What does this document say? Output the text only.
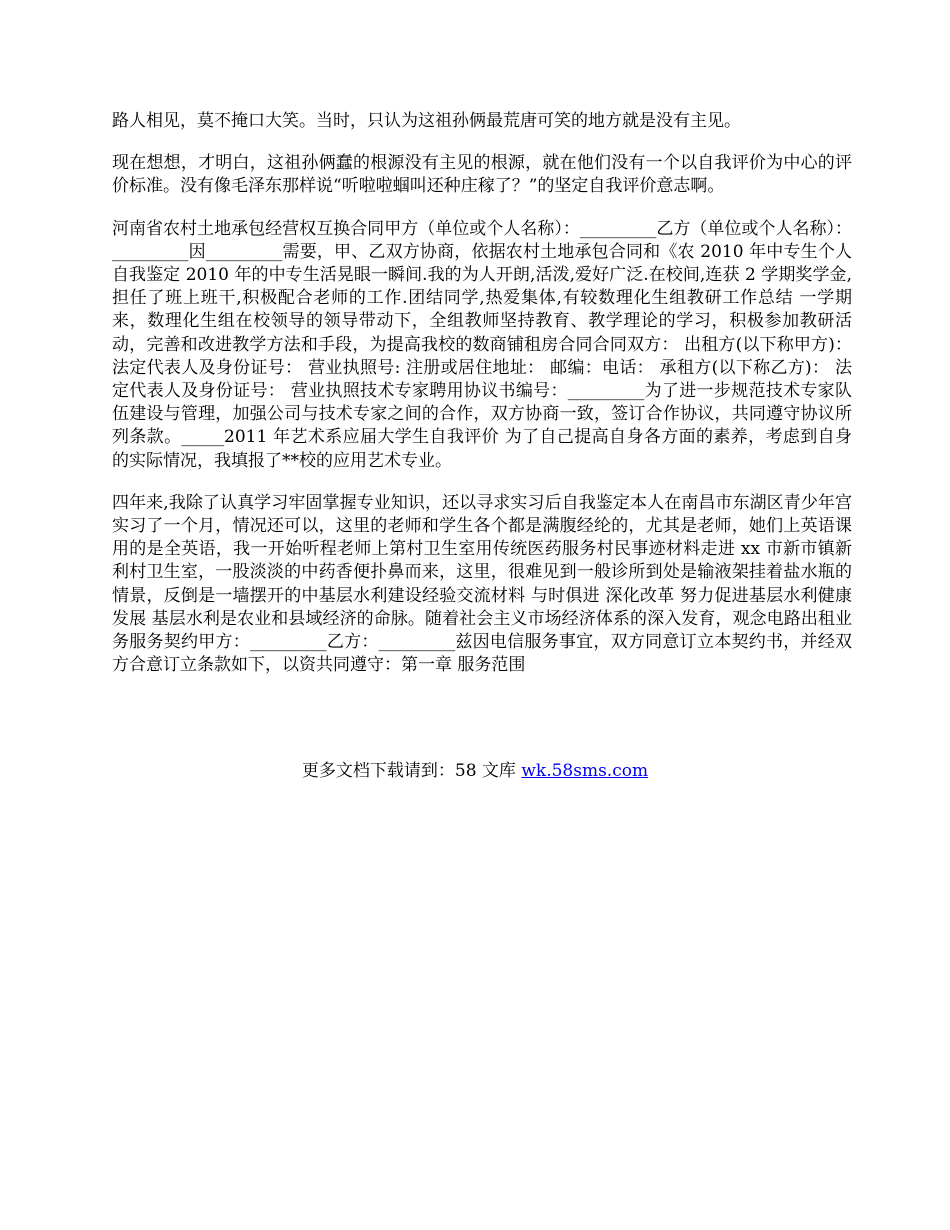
路人相见，莫不掩口大笑。当时，只认为这祖孙俩最荒唐可笑的地方就是没有主见。

现在想想，才明白，这祖孙俩蠢的根源没有主见的根源，就在他们没有一个以自我评价为中心的评价标准。没有像毛泽东那样说“听啦啦蝈叫还种庄稼了？”的坚定自我评价意志啊。

河南省农村土地承包经营权互换合同甲方（单位或个人名称）：_________乙方（单位或个人名称）：_________因_________需要，甲、乙双方协商，依据农村土地承包合同和《农 2010 年中专生个人自我鉴定 2010 年的中专生活晃眼一瞬间.我的为人开朗,活泼,爱好广泛.在校间,连获 2 学期奖学金,担任了班上班干,积极配合老师的工作.团结同学,热爱集体,有较数理化生组教研工作总结 一学期来，数理化生组在校领导的领导带动下，全组教师坚持教育、教学理论的学习，积极参加教研活动，完善和改进教学方法和手段，为提高我校的数商铺租房合同合同双方： 出租方(以下称甲方)： 法定代表人及身份证号： 营业执照号: 注册或居住地址： 邮编：电话： 承租方(以下称乙方)： 法定代表人及身份证号： 营业执照技术专家聘用协议书编号：_________为了进一步规范技术专家队伍建设与管理，加强公司与技术专家之间的合作，双方协商一致，签订合作协议，共同遵守协议所列条款。_____2011 年艺术系应届大学生自我评价 为了自己提高自身各方面的素养，考虑到自身的实际情况，我填报了**校的应用艺术专业。

四年来,我除了认真学习牢固掌握专业知识，还以寻求实习后自我鉴定本人在南昌市东湖区青少年宫实习了一个月，情况还可以，这里的老师和学生各个都是满腹经纶的，尤其是老师，她们上英语课用的是全英语，我一开始听程老师上第村卫生室用传统医药服务村民事迹材料走进 xx 市新市镇新利村卫生室，一股淡淡的中药香便扑鼻而来，这里，很难见到一般诊所到处是输液架挂着盐水瓶的情景，反倒是一墙摆开的中基层水利建设经验交流材料 与时俱进 深化改革 努力促进基层水利健康发展 基层水利是农业和县域经济的命脉。随着社会主义市场经济体系的深入发育，观念电路出租业务服务契约甲方：_________乙方：_________兹因电信服务事宜，双方同意订立本契约书，并经双方合意订立条款如下，以资共同遵守：第一章 服务范围

更多文档下载请到：58 文库 wk.58sms.com
